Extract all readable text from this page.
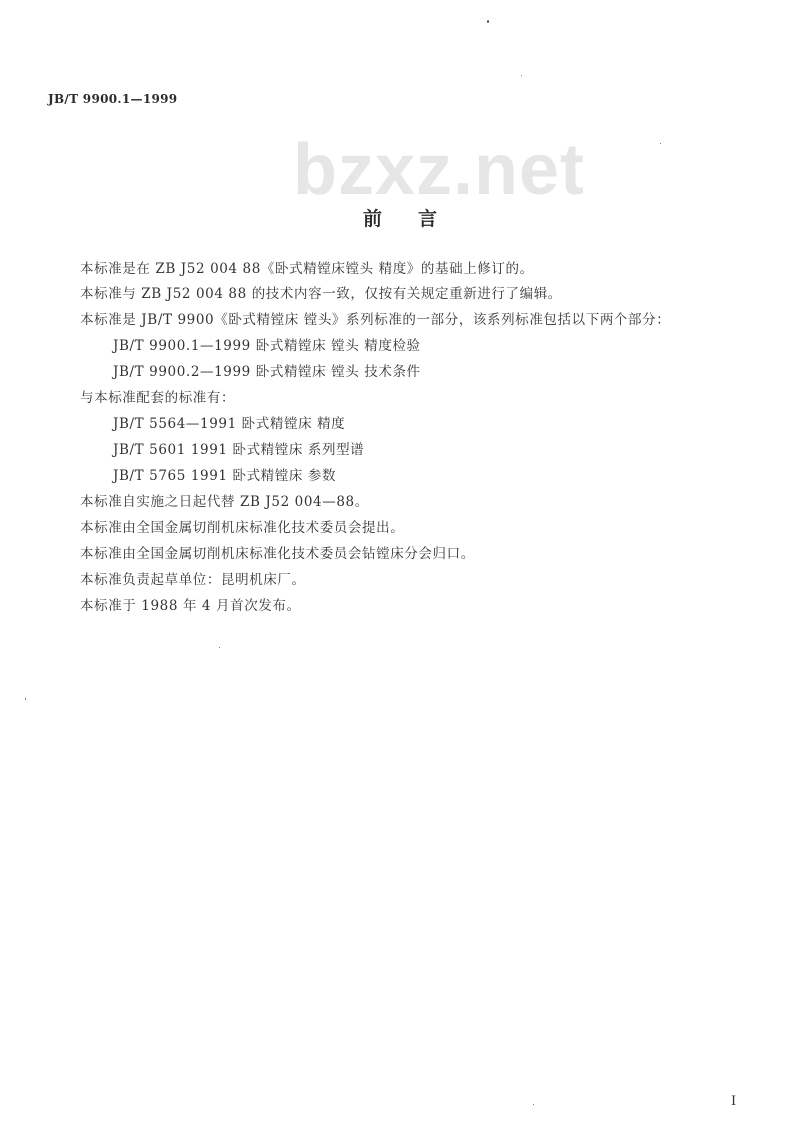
JB/T 9900.1—1999
bzxz.net
前言
本标准是在 ZB J52 004 88《卧式精镗床镗头 精度》的基础上修订的。
本标准与 ZB J52 004 88 的技术内容一致，仅按有关规定重新进行了编辑。
本标准是 JB/T 9900《卧式精镗床 镗头》系列标准的一部分，该系列标准包括以下两个部分：
JB/T 9900.1—1999 卧式精镗床 镗头 精度检验
JB/T 9900.2—1999 卧式精镗床 镗头 技术条件
与本标准配套的标准有：
JB/T 5564—1991 卧式精镗床 精度
JB/T 5601 1991 卧式精镗床 系列型谱
JB/T 5765 1991 卧式精镗床 参数
本标准自实施之日起代替 ZB J52 004—88。
本标准由全国金属切削机床标准化技术委员会提出。
本标准由全国金属切削机床标准化技术委员会钻镗床分会归口。
本标准负责起草单位：昆明机床厂。
本标准于 1988 年 4 月首次发布。
I
